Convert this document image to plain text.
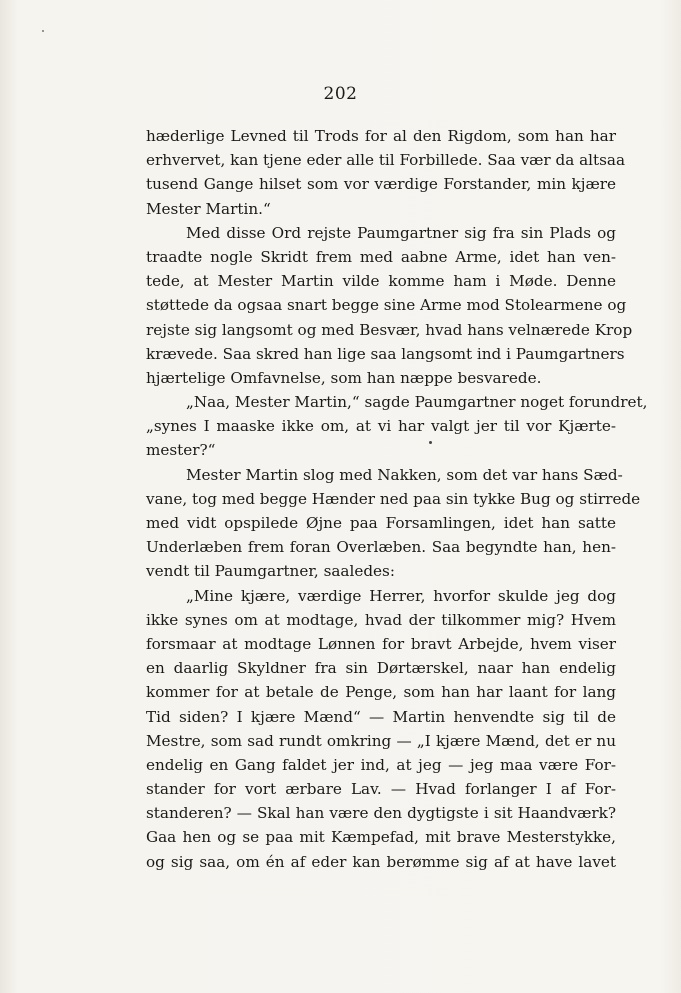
202
hæderlige Levned til Trods for al den Rigdom, som han har
erhvervet, kan tjene eder alle til Forbillede. Saa vær da altsaa
tusend Gange hilset som vor værdige Forstander, min kjære
Mester Martin.“
Med disse Ord rejste Paumgartner sig fra sin Plads og
traadte nogle Skridt frem med aabne Arme, idet han ven-
tede, at Mester Martin vilde komme ham i Møde. Denne
støttede da ogsaa snart begge sine Arme mod Stolearmene og
rejste sig langsomt og med Besvær, hvad hans velnærede Krop
krævede. Saa skred han lige saa langsomt ind i Paumgartners
hjærtelige Omfavnelse, som han næppe besvarede.
„Naa, Mester Martin,“ sagde Paumgartner noget forundret,
„synes I maaske ikke om, at vi har valgt jer til vor Kjærte-
mester?“
Mester Martin slog med Nakken, som det var hans Sæd-
vane, tog med begge Hænder ned paa sin tykke Bug og stirrede
med vidt opspilede Øjne paa Forsamlingen, idet han satte
Underlæben frem foran Overlæben. Saa begyndte han, hen-
vendt til Paumgartner, saaledes:
„Mine kjære, værdige Herrer, hvorfor skulde jeg dog
ikke synes om at modtage, hvad der tilkommer mig? Hvem
forsmaar at modtage Lønnen for bravt Arbejde, hvem viser
en daarlig Skyldner fra sin Dørtærskel, naar han endelig
kommer for at betale de Penge, som han har laant for lang
Tid siden? I kjære Mænd“ — Martin henvendte sig til de
Mestre, som sad rundt omkring — „I kjære Mænd, det er nu
endelig en Gang faldet jer ind, at jeg — jeg maa være For-
stander for vort ærbare Lav. — Hvad forlanger I af For-
standeren? — Skal han være den dygtigste i sit Haandværk?
Gaa hen og se paa mit Kæmpefad, mit brave Mesterstykke,
og sig saa, om én af eder kan berømme sig af at have lavet
